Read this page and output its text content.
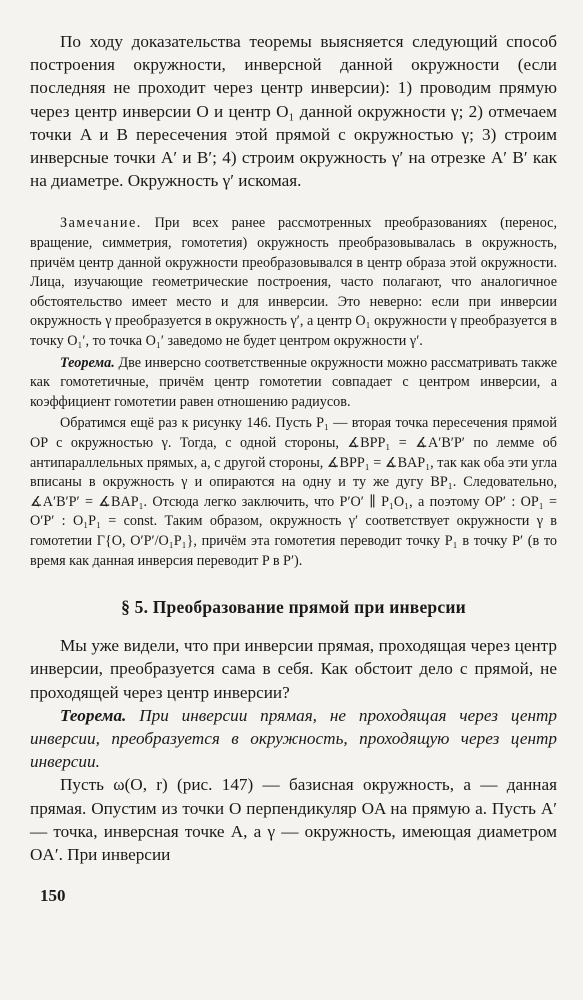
По ходу доказательства теоремы выясняется следующий способ построения окружности, инверсной данной окружности (если последняя не проходит через центр инверсии): 1) проводим прямую через центр инверсии O и центр O₁ данной окружности γ; 2) отмечаем точки A и B пересечения этой прямой с окружностью γ; 3) строим инверсные точки A′ и B′; 4) строим окружность γ′ на отрезке A′ B′ как на диаметре. Окружность γ′ искомая.

Замечание. При всех ранее рассмотренных преобразованиях (перенос, вращение, симметрия, гомотетия) окружность преобразовывалась в окружность, причём центр данной окружности преобразовывался в центр образа этой окружности. Лица, изучающие геометрические построения, часто полагают, что аналогичное обстоятельство имеет место и для инверсии. Это неверно: если при инверсии окружность γ преобразуется в окружность γ′, а центр O₁ окружности γ преобразуется в точку O₁′, то точка O₁′ заведомо не будет центром окружности γ′.

Теорема. Две инверсно соответственные окружности можно рассматривать также как гомотетичные, причём центр гомотетии совпадает с центром инверсии, а коэффициент гомотетии равен отношению радиусов.

Обратимся ещё раз к рисунку 146. Пусть P₁ — вторая точка пересечения прямой OP с окружностью γ. Тогда, с одной стороны, ∡BPP₁ = ∡A′B′P′ по лемме об антипараллельных прямых, а, с другой стороны, ∡BPP₁ = ∡BAP₁, так как оба эти угла вписаны в окружность γ и опираются на одну и ту же дугу BP₁. Следовательно, ∡A′B′P′ = ∡BAP₁. Отсюда легко заключить, что P′O′ ∥ P₁O₁, а поэтому OP′ : OP₁ = O′P′ : O₁P₁ = const. Таким образом, окружность γ′ соответствует окружности γ в гомотетии Γ{O, O′P′/O₁P₁}, причём эта гомотетия переводит точку P₁ в точку P′ (в то время как данная инверсия переводит P в P′).

§ 5. Преобразование прямой при инверсии

Мы уже видели, что при инверсии прямая, проходящая через центр инверсии, преобразуется сама в себя. Как обстоит дело с прямой, не проходящей через центр инверсии?

Теорема. При инверсии прямая, не проходящая через центр инверсии, преобразуется в окружность, проходящую через центр инверсии.

Пусть ω(O, r) (рис. 147) — базисная окружность, a — данная прямая. Опустим из точки O перпендикуляр OA на прямую a. Пусть A′ — точка, инверсная точке A, а γ — окружность, имеющая диаметром OA′. При инверсии

150
